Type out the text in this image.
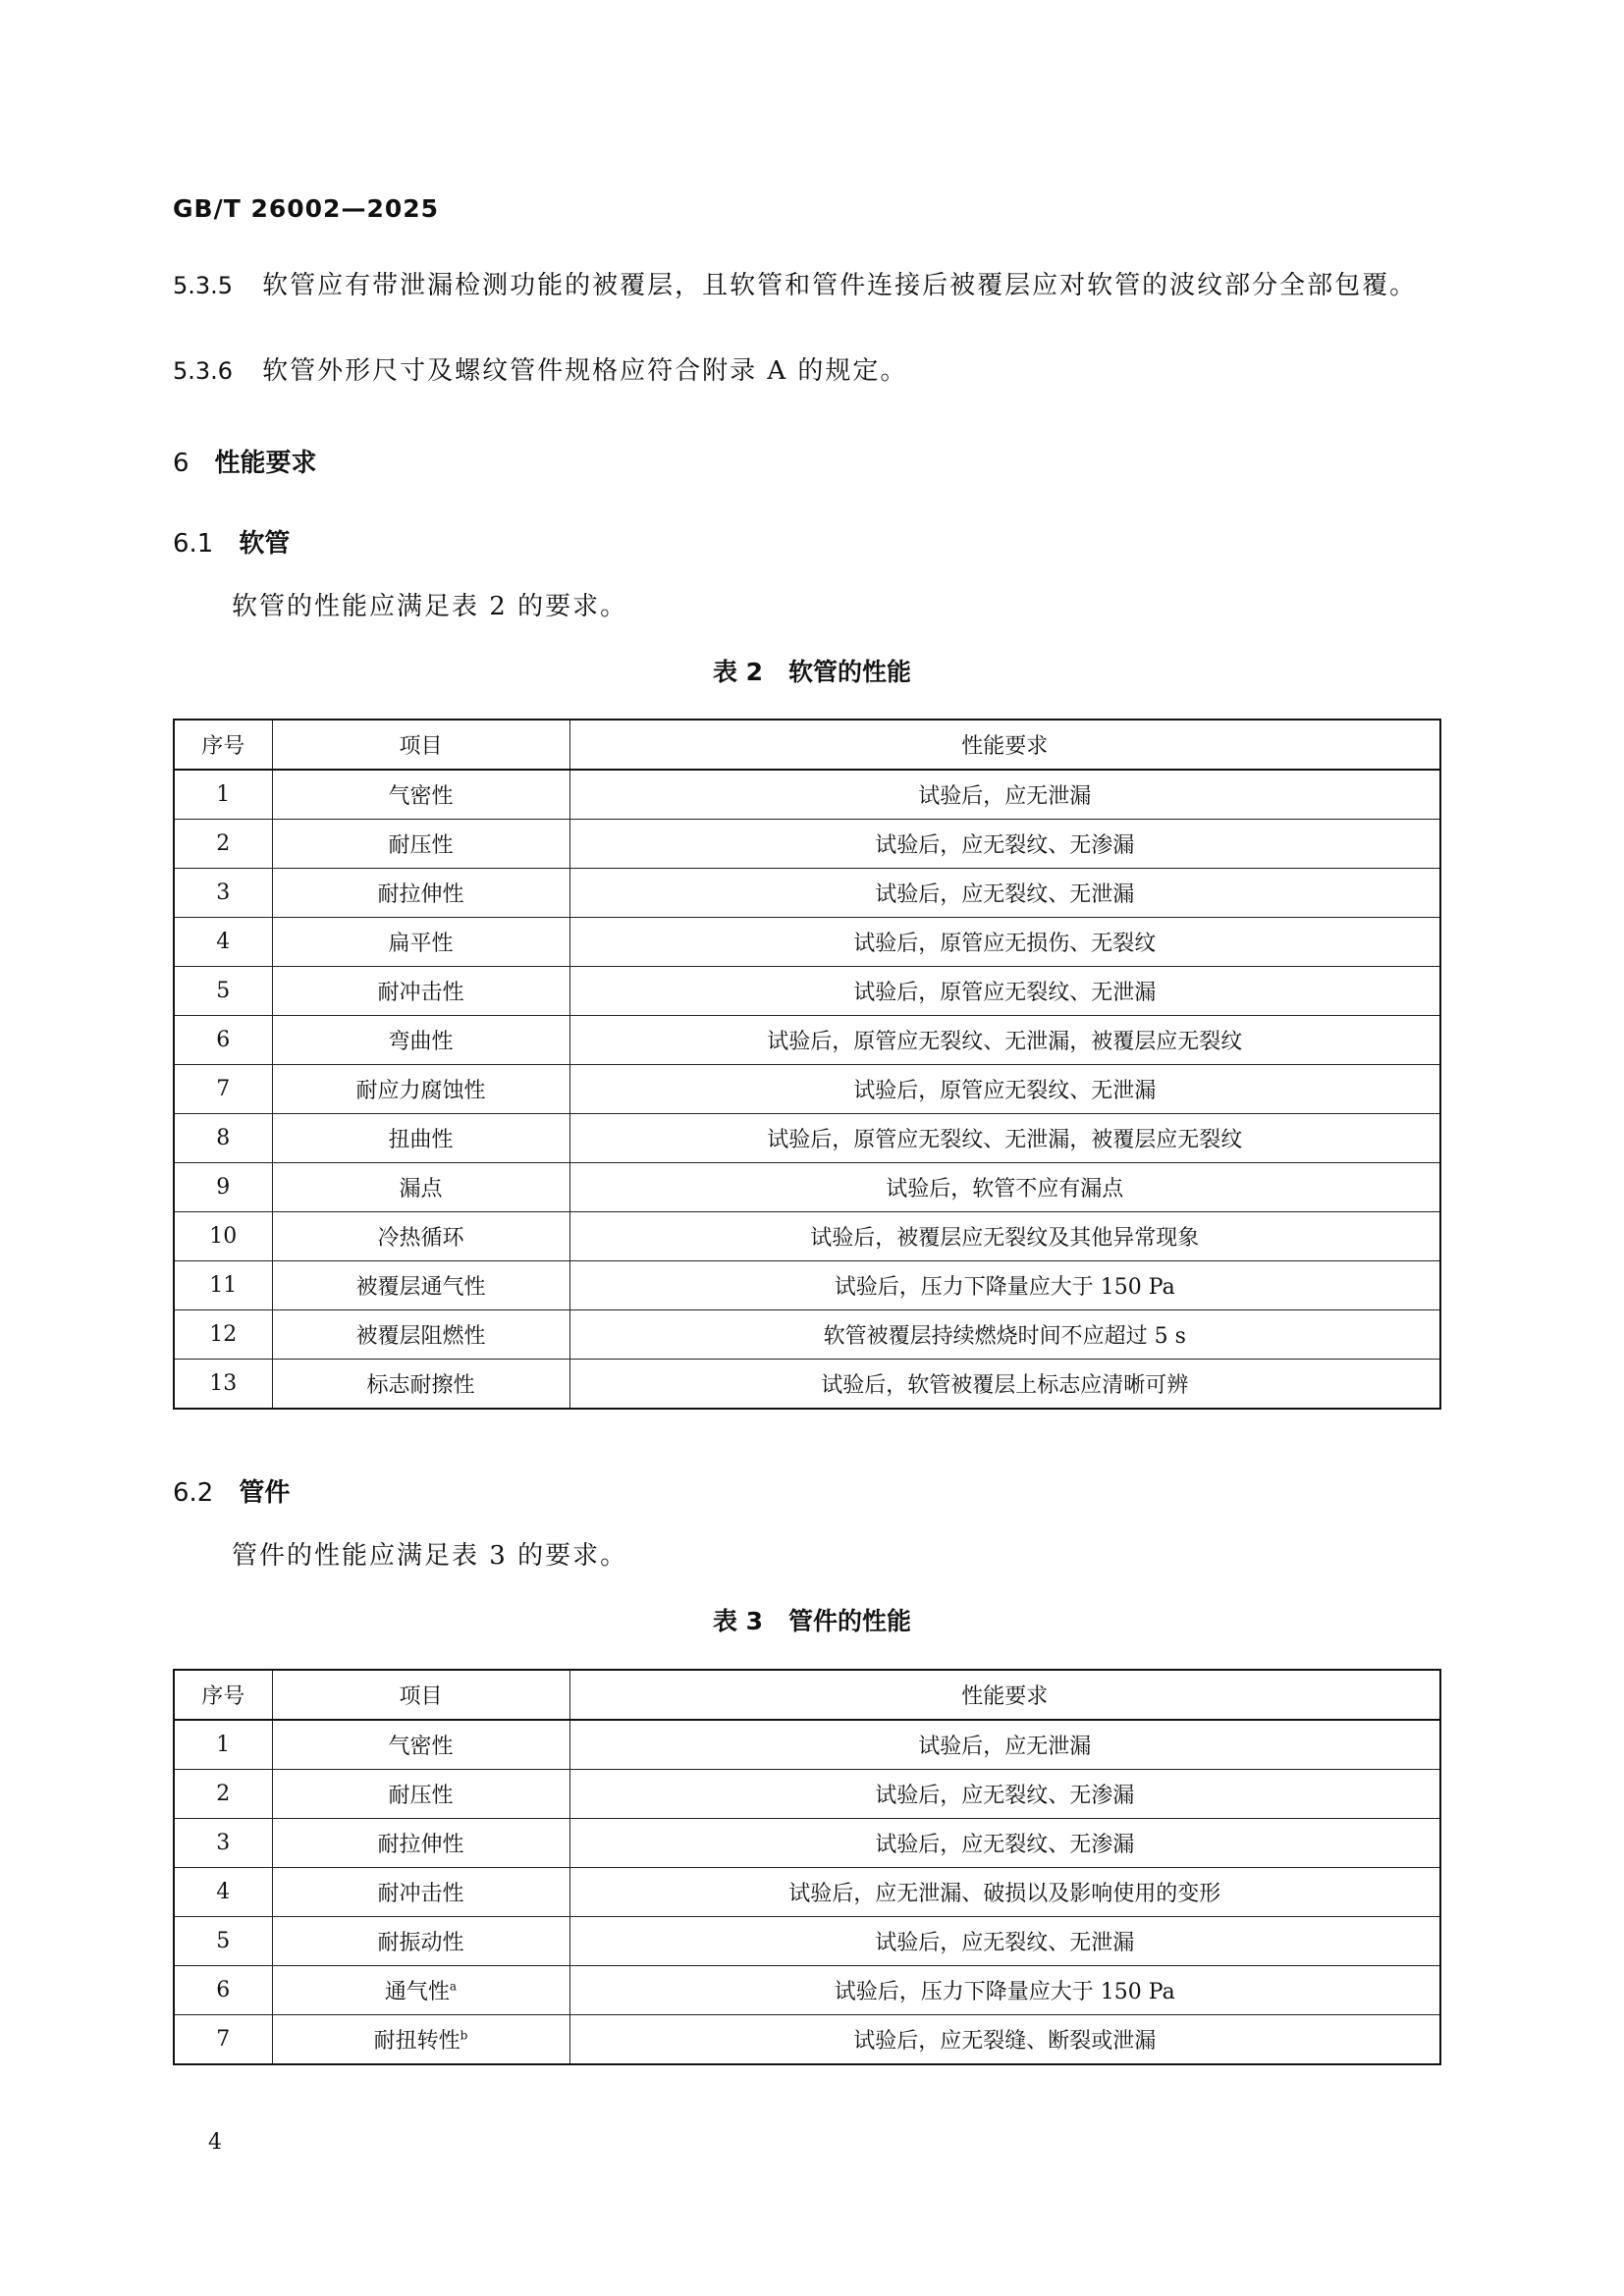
GB/T 26002—2025
5.3.5 软管应有带泄漏检测功能的被覆层，且软管和管件连接后被覆层应对软管的波纹部分全部包覆。
5.3.6 软管外形尺寸及螺纹管件规格应符合附录 A 的规定。
6 性能要求
6.1 软管
软管的性能应满足表 2 的要求。
表 2 软管的性能
序号	项目	性能要求
1	气密性	试验后，应无泄漏
2	耐压性	试验后，应无裂纹、无渗漏
3	耐拉伸性	试验后，应无裂纹、无泄漏
4	扁平性	试验后，原管应无损伤、无裂纹
5	耐冲击性	试验后，原管应无裂纹、无泄漏
6	弯曲性	试验后，原管应无裂纹、无泄漏，被覆层应无裂纹
7	耐应力腐蚀性	试验后，原管应无裂纹、无泄漏
8	扭曲性	试验后，原管应无裂纹、无泄漏，被覆层应无裂纹
9	漏点	试验后，软管不应有漏点
10	冷热循环	试验后，被覆层应无裂纹及其他异常现象
11	被覆层通气性	试验后，压力下降量应大于 150 Pa
12	被覆层阻燃性	软管被覆层持续燃烧时间不应超过 5 s
13	标志耐擦性	试验后，软管被覆层上标志应清晰可辨
6.2 管件
管件的性能应满足表 3 的要求。
表 3 管件的性能
序号	项目	性能要求
1	气密性	试验后，应无泄漏
2	耐压性	试验后，应无裂纹、无渗漏
3	耐拉伸性	试验后，应无裂纹、无渗漏
4	耐冲击性	试验后，应无泄漏、破损以及影响使用的变形
5	耐振动性	试验后，应无裂纹、无泄漏
6	通气性$^a$	试验后，压力下降量应大于 150 Pa
7	耐扭转性$^b$	试验后，应无裂缝、断裂或泄漏
4
